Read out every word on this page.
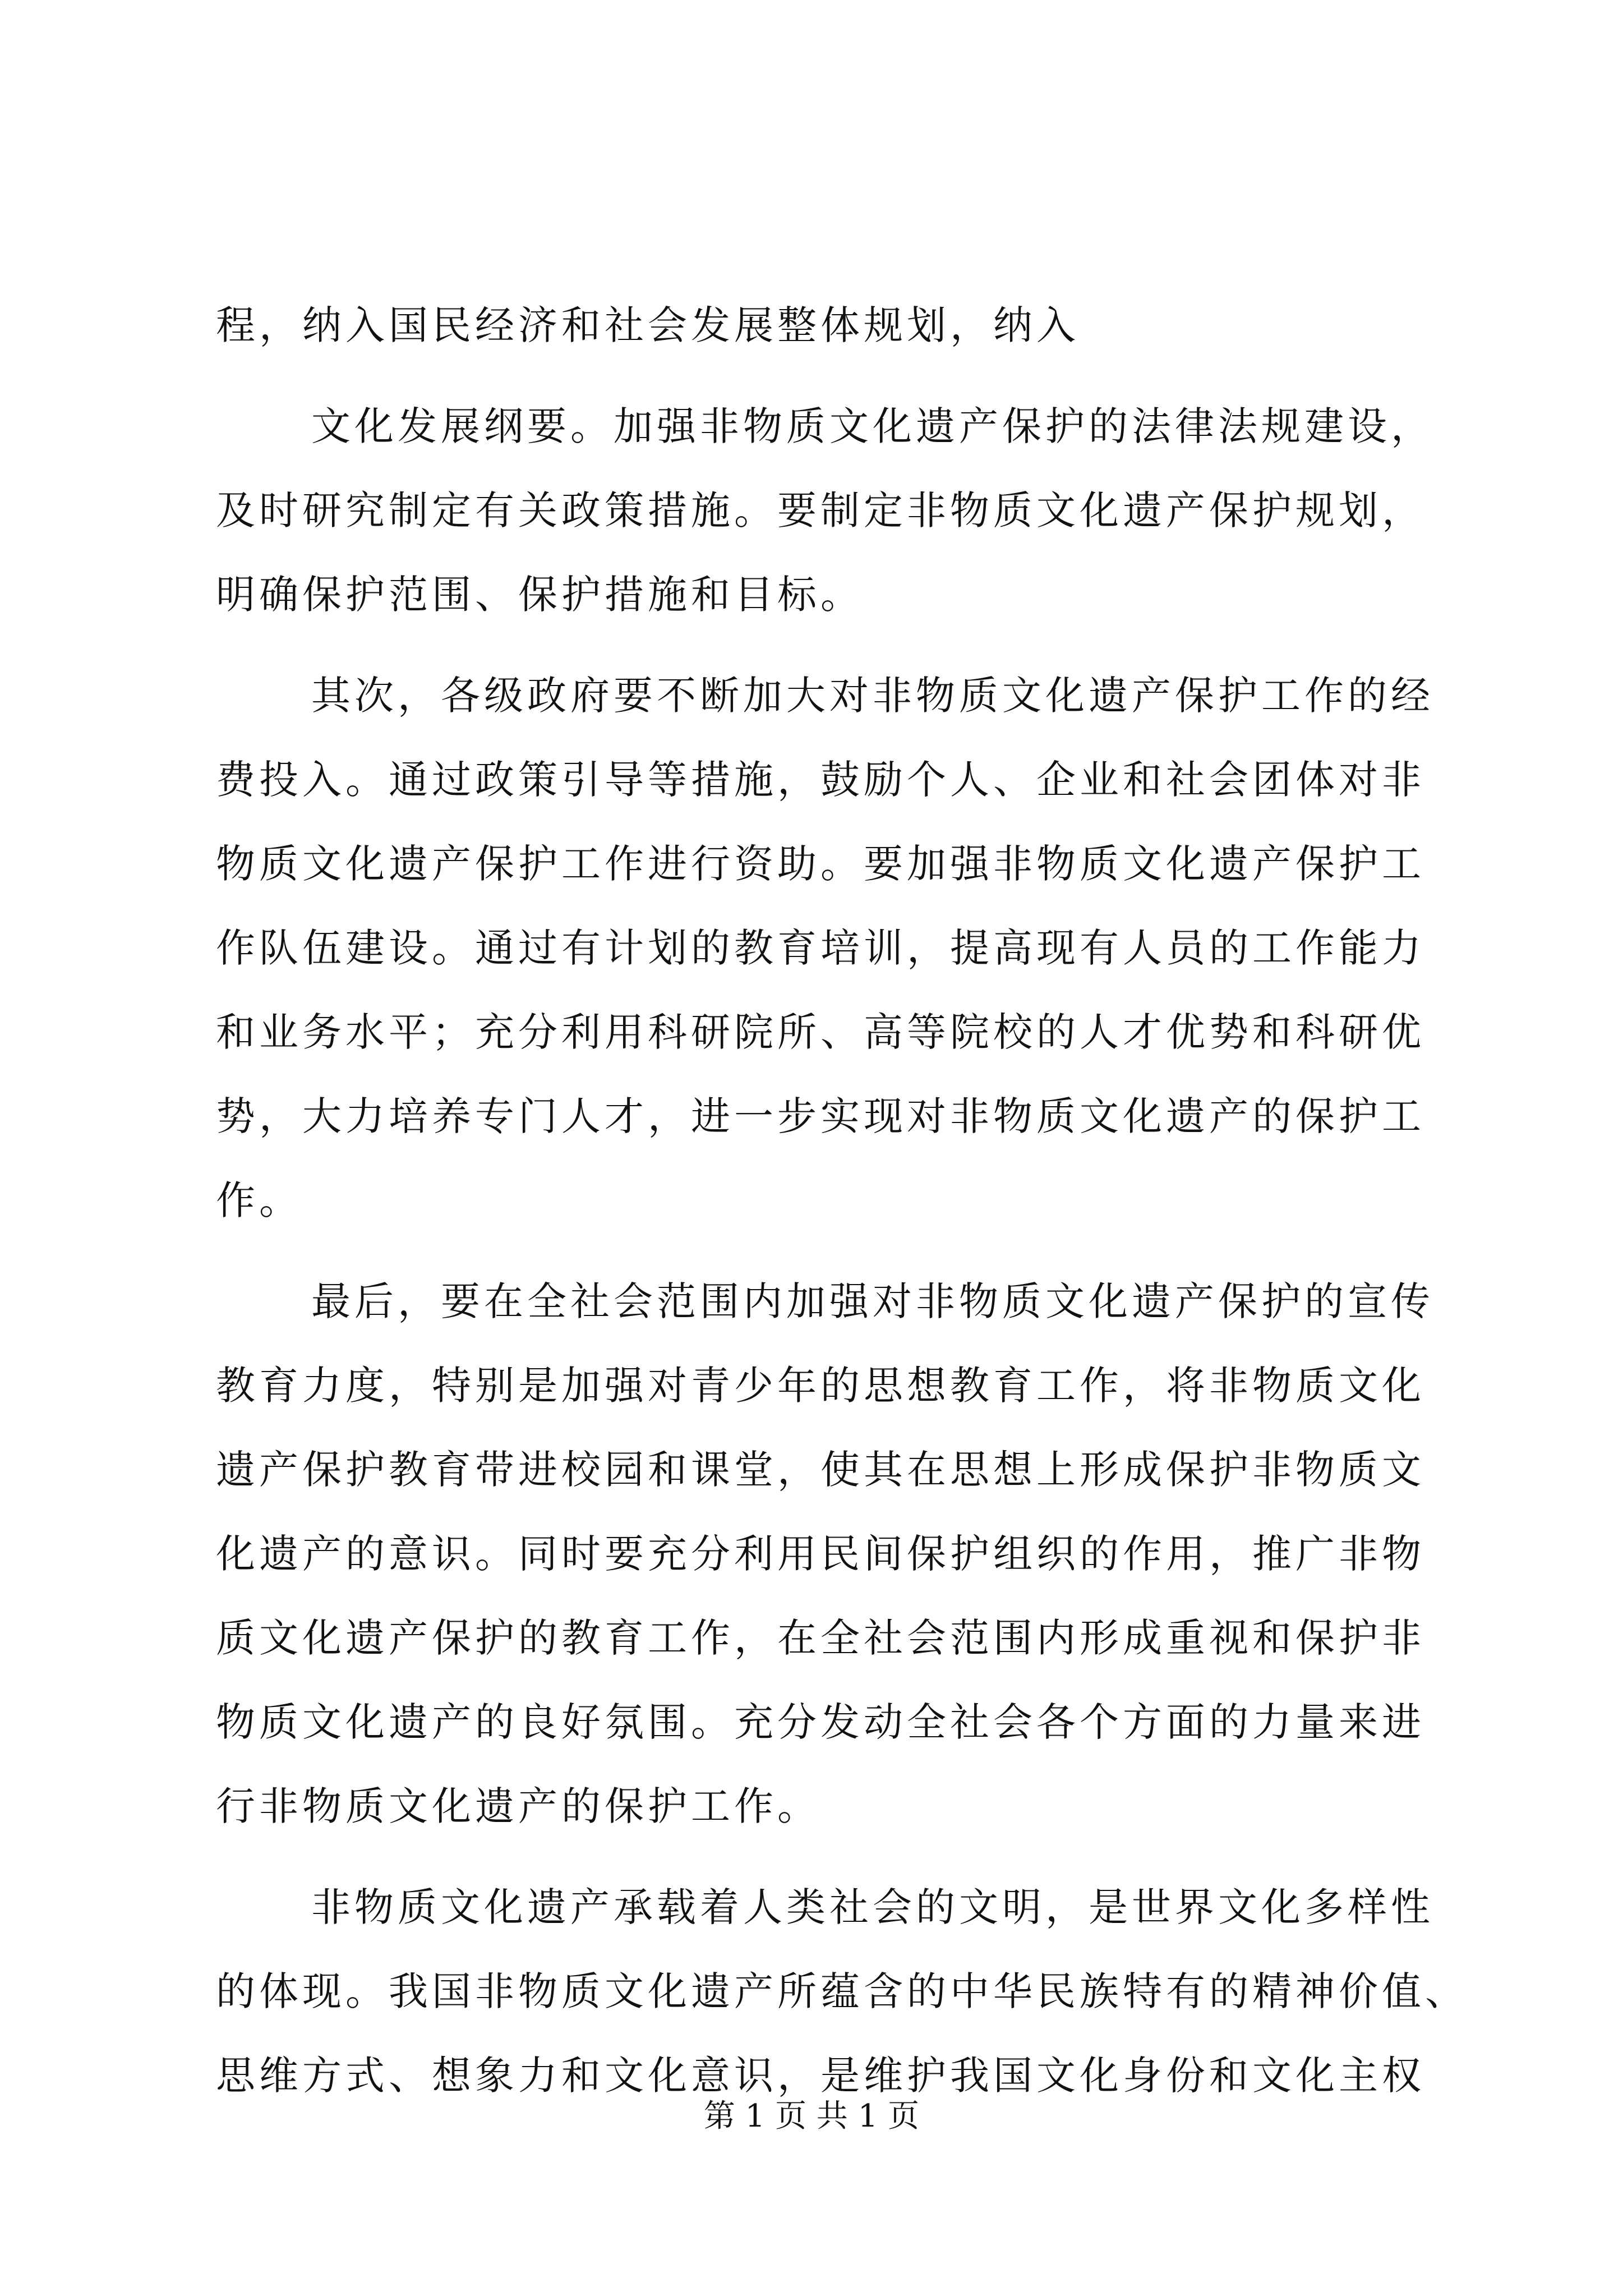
程，纳入国民经济和社会发展整体规划，纳入
文化发展纲要。加强非物质文化遗产保护的法律法规建设，
及时研究制定有关政策措施。要制定非物质文化遗产保护规划，
明确保护范围、保护措施和目标。
其次，各级政府要不断加大对非物质文化遗产保护工作的经
费投入。通过政策引导等措施，鼓励个人、企业和社会团体对非
物质文化遗产保护工作进行资助。要加强非物质文化遗产保护工
作队伍建设。通过有计划的教育培训，提高现有人员的工作能力
和业务水平；充分利用科研院所、高等院校的人才优势和科研优
势，大力培养专门人才，进一步实现对非物质文化遗产的保护工
作。
最后，要在全社会范围内加强对非物质文化遗产保护的宣传
教育力度，特别是加强对青少年的思想教育工作，将非物质文化
遗产保护教育带进校园和课堂，使其在思想上形成保护非物质文
化遗产的意识。同时要充分利用民间保护组织的作用，推广非物
质文化遗产保护的教育工作，在全社会范围内形成重视和保护非
物质文化遗产的良好氛围。充分发动全社会各个方面的力量来进
行非物质文化遗产的保护工作。
非物质文化遗产承载着人类社会的文明，是世界文化多样性
的体现。我国非物质文化遗产所蕴含的中华民族特有的精神价值、
思维方式、想象力和文化意识，是维护我国文化身份和文化主权
第 1 页 共 1 页
